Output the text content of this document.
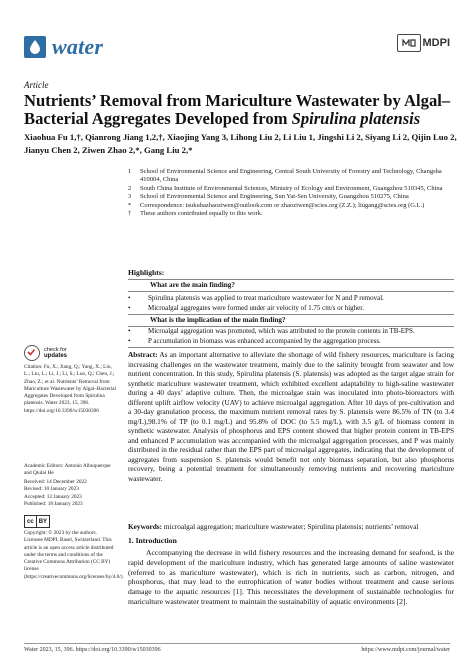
water	MDPI
Article
Nutrients’ Removal from Mariculture Wastewater by Algal–Bacterial Aggregates Developed from Spirulina platensis
Xiaohua Fu 1,†, Qianrong Jiang 1,2,†, Xiaojing Yang 3, Lihong Liu 2, Li Liu 1, Jingshi Li 2, Siyang Li 2, Qijin Luo 2, Jianyu Chen 2, Ziwen Zhao 2,*, Gang Liu 2,*
1	School of Environmental Science and Engineering, Central South University of Forestry and Technology, Changsha 410004, China
2	South China Institute of Environmental Sciences, Ministry of Ecology and Environment, Guangzhou 510345, China
3	School of Environmental Science and Engineering, Sun Yat-Sen University, Guangzhou 510275, China
*	Correspondence: tsukubazhaoziwen@outlook.com or zhaoziwen@scies.org (Z.Z.); liugang@scies.org (G.L.)
†	These authors contributed equally to this work.
Highlights:
What are the main finding?
•	Spirulina platensis was applied to treat mariculture wastewater for N and P removal.
•	Microalgal aggregates were formed under air velocity of 1.75 cm/s or higher.
What is the implication of the main finding?
•	Microalgal aggregation was promoted, which was attributed to the protein contents in TB-EPS.
•	P accumulation in biomass was enhanced accompanied by the aggregation process.
check for
updates
Citation: Fu, X.; Jiang, Q.; Yang, X.; Liu, L.; Liu, L.; Li, J.; Li, S.; Luo, Q.; Chen, J.; Zhao, Z.; et al. Nutrients’ Removal from Mariculture Wastewater by Algal–Bacterial Aggregates Developed from Spirulina platensis. Water 2023, 15, 396. https://doi.org/10.3390/w15030396
Academic Editors: Antonio Albuquerque and Qiulai He
Received: 14 December 2022
Revised: 10 January 2023
Accepted: 12 January 2023
Published: 18 January 2023
cc BY
Copyright: © 2023 by the authors. Licensee MDPI, Basel, Switzerland. This article is an open access article distributed under the terms and conditions of the Creative Commons Attribution (CC BY) license (https://creativecommons.org/licenses/by/4.0/).
Abstract: As an important alternative to alleviate the shortage of wild fishery resources, mariculture is facing increasing challenges on the wastewater treatment, mainly due to the salinity brought from seawater and low nutrient concentration. In this study, Spirulina platensis (S. platensis) was adopted as the target algae strain for synthetic mariculture wastewater treatment, which exhibited excellent adaptability to high-saline wastewater during a 40 days’ adaptive culture. Then, the microalgae stain was inoculated into photo-bioreactors with different uplift airflow velocity (UAV) to achieve microalgal aggregation. After 10 days of pre-cultivation and a 30-day granulation process, the maximum nutrient removal rates by S. platensis were 86.5% of TN (to 3.4 mg/L),98.1% of TP (to 0.1 mg/L) and 95.8% of DOC (to 5.5 mg/L), with 3.5 g/L of biomass content in synthetic wastewater. Analysis of phosphorus and EPS content showed that higher protein content in TB-EPS and enhanced P accumulation was accompanied with the microalgal aggregation processes, and P was mainly distributed in the residual rather than the EPS part of microalgal aggregates, indicating that the development of aggregates from suspension S. platensis would benefit not only biomass separation, but also phosphorus recovery, being a potential treatment for simultaneously removing nutrients and recovering mariculture wastewater.
Keywords: microalgal aggregation; mariculture wastewater; Spirulina platensis; nutrients’ removal
1. Introduction
Accompanying the decrease in wild fishery resources and the increasing demand for seafood, is the rapid development of the mariculture industry, which has generated large amounts of saline wastewater (referred to as mariculture wastewater), which is rich in nutrients, such as carbon, nitrogen, and phosphorus, that may lead to the eutrophication of water bodies without treatment and cause serious damage to the aquatic resources [1]. This necessitates the development of sustainable technologies for mariculture wastewater treatment to maintain the sustainability of aquatic environments [2].
Water 2023, 15, 396. https://doi.org/10.3390/w15030396	https://www.mdpi.com/journal/water
